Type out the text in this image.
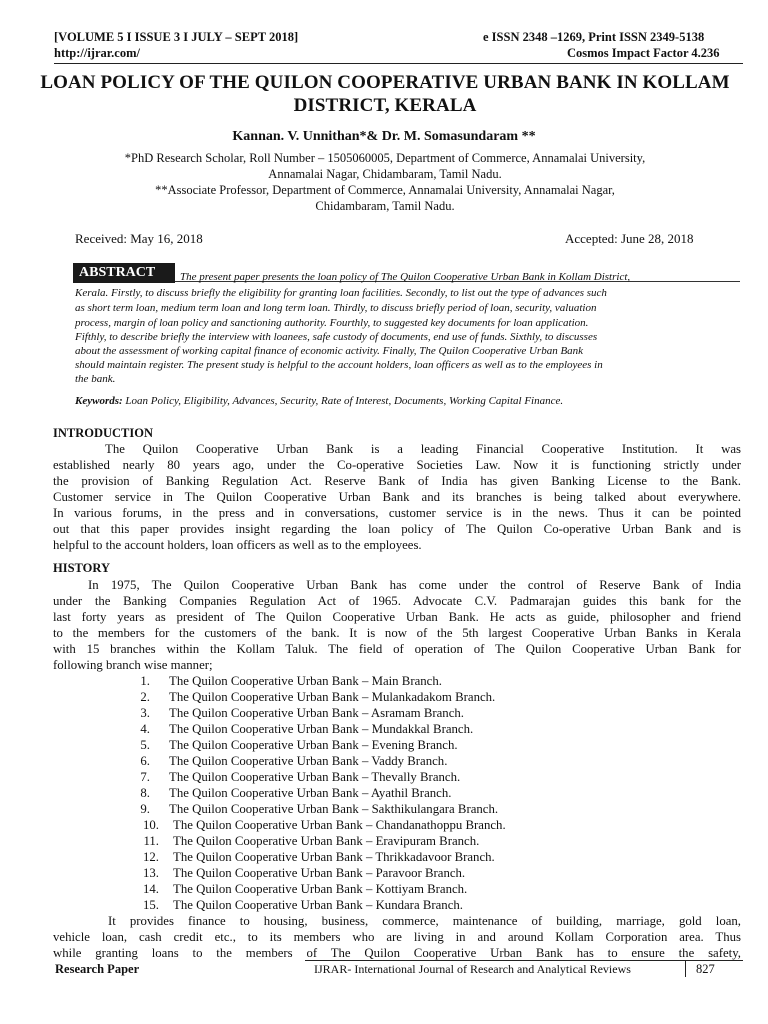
[VOLUME 5 I ISSUE 3 I JULY – SEPT 2018]	e ISSN 2348 –1269, Print ISSN 2349-5138
http://ijrar.com/	Cosmos Impact Factor 4.236
LOAN POLICY OF THE QUILON COOPERATIVE URBAN BANK IN KOLLAM
DISTRICT, KERALA
Kannan. V. Unnithan*& Dr. M. Somasundaram **
*PhD Research Scholar, Roll Number – 1505060005, Department of Commerce, Annamalai University,
Annamalai Nagar, Chidambaram, Tamil Nadu.
**Associate Professor, Department of Commerce, Annamalai University, Annamalai Nagar,
Chidambaram, Tamil Nadu.
Received: May 16, 2018	Accepted: June 28, 2018
ABSTRACT	The present paper presents the loan policy of The Quilon Cooperative Urban Bank in Kollam District,
Kerala. Firstly, to discuss briefly the eligibility for granting loan facilities. Secondly, to list out the type of advances such
as short term loan, medium term loan and long term loan. Thirdly, to discuss briefly period of loan, security, valuation
process, margin of loan policy and sanctioning authority. Fourthly, to suggested key documents for loan application.
Fifthly, to describe briefly the interview with loanees, safe custody of documents, end use of funds. Sixthly, to discusses
about the assessment of working capital finance of economic activity. Finally, The Quilon Cooperative Urban Bank
should maintain register. The present study is helpful to the account holders, loan officers as well as to the employees in
the bank.
Keywords: Loan Policy, Eligibility, Advances, Security, Rate of Interest, Documents, Working Capital Finance.
INTRODUCTION
The Quilon Cooperative Urban Bank is a leading Financial Cooperative Institution. It was
established nearly 80 years ago, under the Co-operative Societies Law. Now it is functioning strictly under
the provision of Banking Regulation Act. Reserve Bank of India has given Banking License to the Bank.
Customer service in The Quilon Cooperative Urban Bank and its branches is being talked about everywhere.
In various forums, in the press and in conversations, customer service is in the news. Thus it can be pointed
out that this paper provides insight regarding the loan policy of The Quilon Co-operative Urban Bank and is
helpful to the account holders, loan officers as well as to the employees.
HISTORY
In 1975, The Quilon Cooperative Urban Bank has come under the control of Reserve Bank of India
under the Banking Companies Regulation Act of 1965. Advocate C.V. Padmarajan guides this bank for the
last forty years as president of The Quilon Cooperative Urban Bank. He acts as guide, philosopher and friend
to the members for the customers of the bank. It is now of the 5th largest Cooperative Urban Banks in Kerala
with 15 branches within the Kollam Taluk. The field of operation of The Quilon Cooperative Urban Bank for
following branch wise manner;
1. The Quilon Cooperative Urban Bank – Main Branch.
2. The Quilon Cooperative Urban Bank – Mulankadakom Branch.
3. The Quilon Cooperative Urban Bank – Asramam Branch.
4. The Quilon Cooperative Urban Bank – Mundakkal Branch.
5. The Quilon Cooperative Urban Bank – Evening Branch.
6. The Quilon Cooperative Urban Bank – Vaddy Branch.
7. The Quilon Cooperative Urban Bank – Thevally Branch.
8. The Quilon Cooperative Urban Bank – Ayathil Branch.
9. The Quilon Cooperative Urban Bank – Sakthikulangara Branch.
10. The Quilon Cooperative Urban Bank – Chandanathoppu Branch.
11. The Quilon Cooperative Urban Bank – Eravipuram Branch.
12. The Quilon Cooperative Urban Bank – Thrikkadavoor Branch.
13. The Quilon Cooperative Urban Bank – Paravoor Branch.
14. The Quilon Cooperative Urban Bank – Kottiyam Branch.
15. The Quilon Cooperative Urban Bank – Kundara Branch.
It provides finance to housing, business, commerce, maintenance of building, marriage, gold loan,
vehicle loan, cash credit etc., to its members who are living in and around Kollam Corporation area. Thus
while granting loans to the members of The Quilon Cooperative Urban Bank has to ensure the safety,
Research Paper	IJRAR- International Journal of Research and Analytical Reviews	827
